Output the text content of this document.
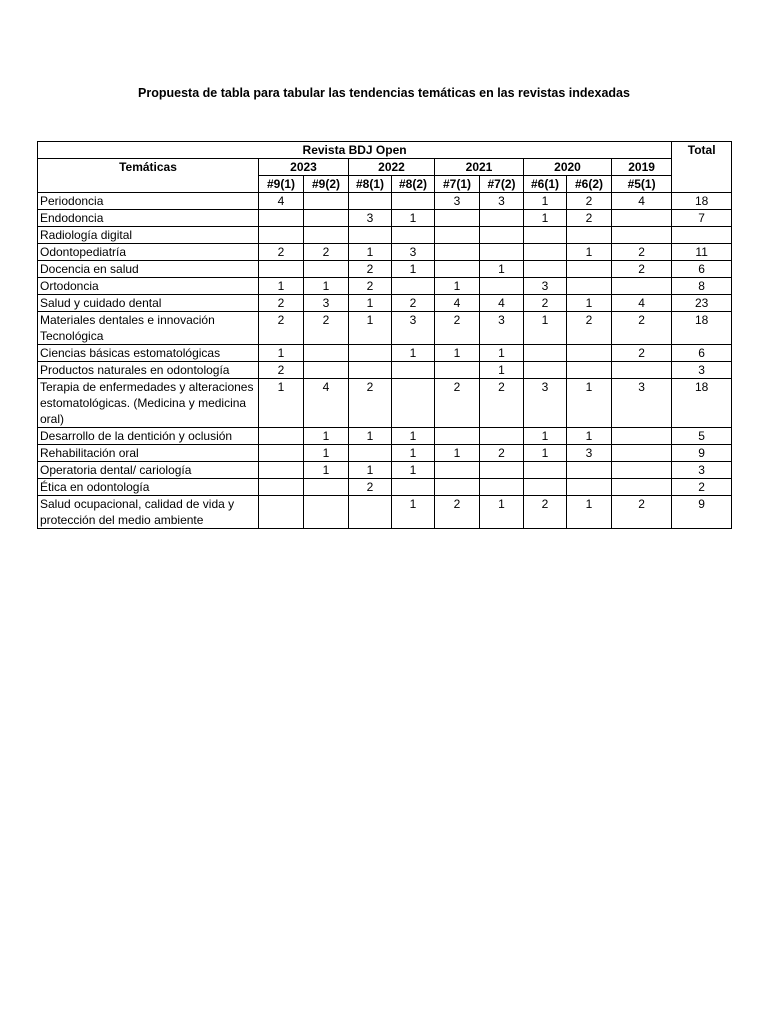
Propuesta de tabla para tabular las tendencias temáticas en las revistas indexadas
Revista BDJ Open										Total
Temáticas	2023		2022		2021		2020		2019	
	#9(1)	#9(2)	#8(1)	#8(2)	#7(1)	#7(2)	#6(1)	#6(2)	#5(1)	
Periodoncia	4				3	3	1	2	4	18
Endodoncia			3	1			1	2		7
Radiología digital										
Odontopediatría	2	2	1	3				1	2	11
Docencia en salud			2	1		1			2	6
Ortodoncia	1	1	2		1		3			8
Salud y cuidado dental	2	3	1	2	4	4	2	1	4	23
Materiales dentales e innovación Tecnológica	2	2	1	3	2	3	1	2	2	18
Ciencias básicas estomatológicas	1			1	1	1			2	6
Productos naturales en odontología	2					1				3
Terapia de enfermedades y alteraciones estomatológicas. (Medicina y medicina oral)	1	4	2		2	2	3	1	3	18
Desarrollo de la dentición y oclusión		1	1	1			1	1		5
Rehabilitación oral		1		1	1	2	1	3		9
Operatoria dental/ cariología		1	1	1						3
Ética en odontología			2							2
Salud ocupacional, calidad de vida y protección del medio ambiente				1	2	1	2	1	2	9
